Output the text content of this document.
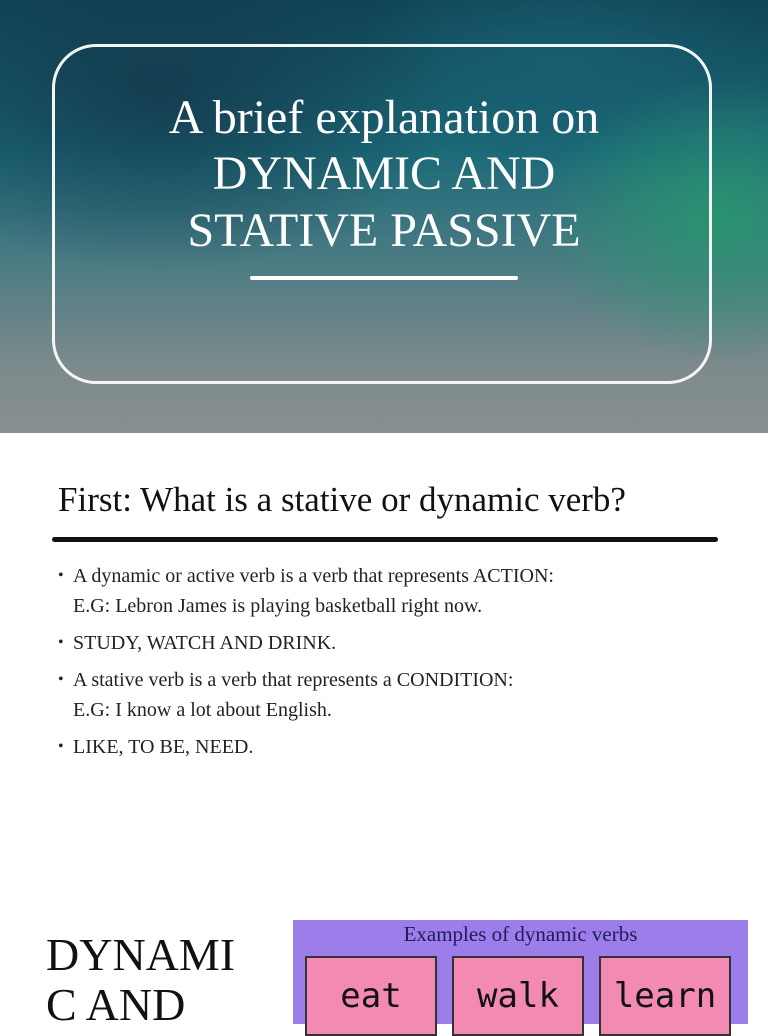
A brief explanation on
DYNAMIC AND
STATIVE PASSIVE
First: What is a stative or dynamic verb?
• A dynamic or active verb is a verb that represents ACTION:
E.G: Lebron James is playing basketball right now.
• STUDY, WATCH AND DRINK.
• A stative verb is a verb that represents a CONDITION:
E.G: I know a lot about English.
• LIKE, TO BE, NEED.
DYNAMI
C AND
Examples of dynamic verbs
eat	walk	learn
